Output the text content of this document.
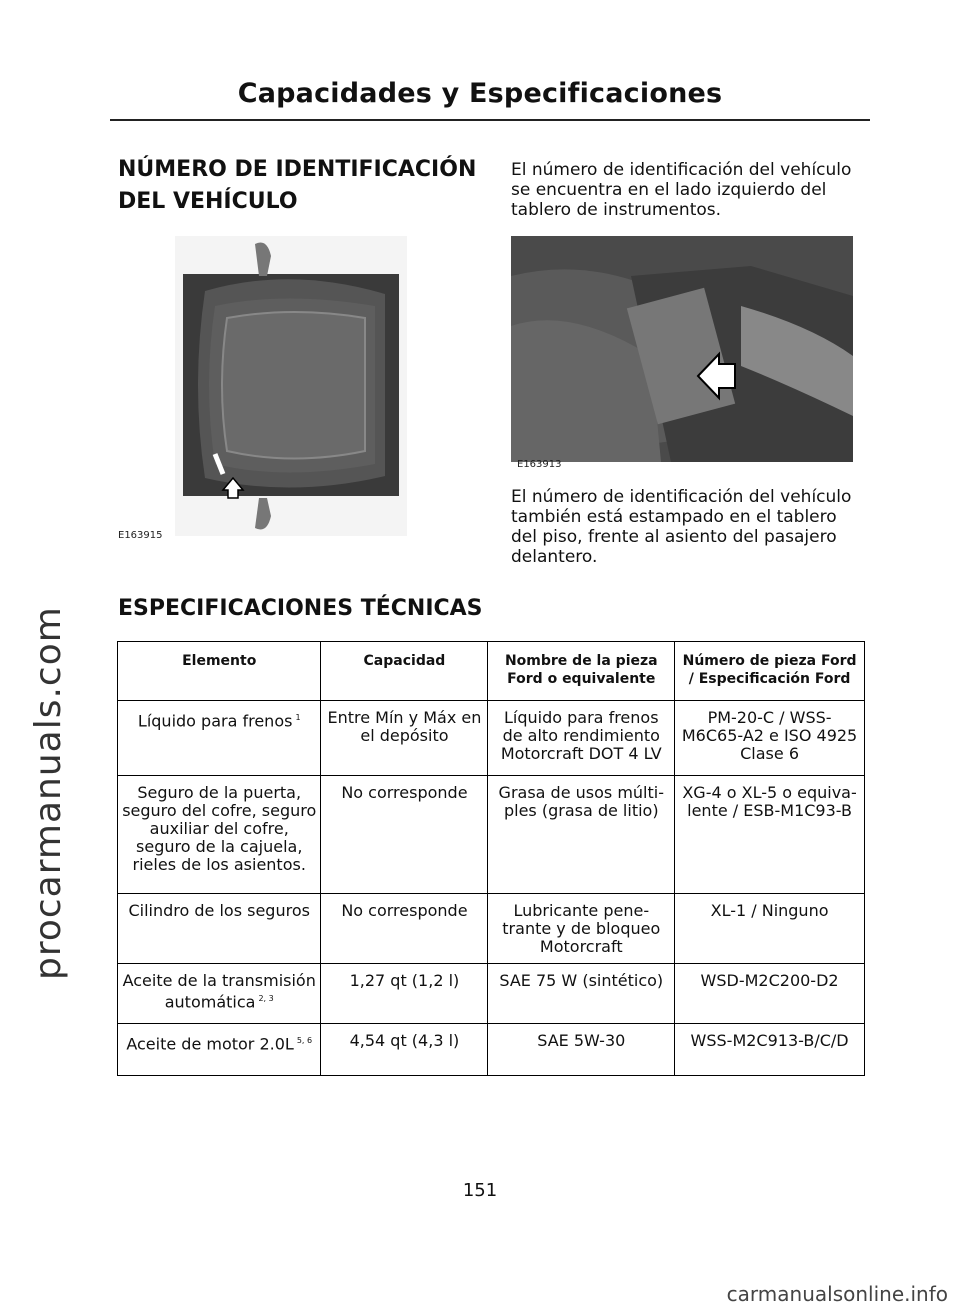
Capacidades y Especificaciones
procarmanuals.com
NÚMERO DE IDENTIFICACIÓN
DEL VEHÍCULO
El número de identificación del vehículo se encuentra en el lado izquierdo del tablero de instrumentos.
E163915
E163913
El número de identificación del vehículo también está estampado en el tablero del piso, frente al asiento del pasajero delantero.
ESPECIFICACIONES TÉCNICAS
Elemento	Capacidad	Nombre de la pieza Ford o equivalente	Número de pieza Ford / Especificación Ford
Líquido para frenos $^1$	Entre Mín y Máx en el depósito	Líquido para frenos de alto rendimiento Motorcraft DOT 4 LV	PM-20-C / WSS-M6C65-A2 e ISO 4925 Clase 6
Seguro de la puerta, seguro del cofre, seguro auxiliar del cofre, seguro de la cajuela, rieles de los asientos.	No corresponde	Grasa de usos múlti-ples (grasa de litio)	XG-4 o XL-5 o equiva-lente / ESB-M1C93-B
Cilindro de los seguros	No corresponde	Lubricante pene-trante y de bloqueo Motorcraft	XL-1 / Ninguno
Aceite de la transmisión automática $^{2, 3}$	1,27 qt (1,2 l)	SAE 75 W (sintético)	WSD-M2C200-D2
Aceite de motor 2.0L $^{5, 6}$	4,54 qt (4,3 l)	SAE 5W-30	WSS-M2C913-B/C/D
151
carmanualsonline.info
